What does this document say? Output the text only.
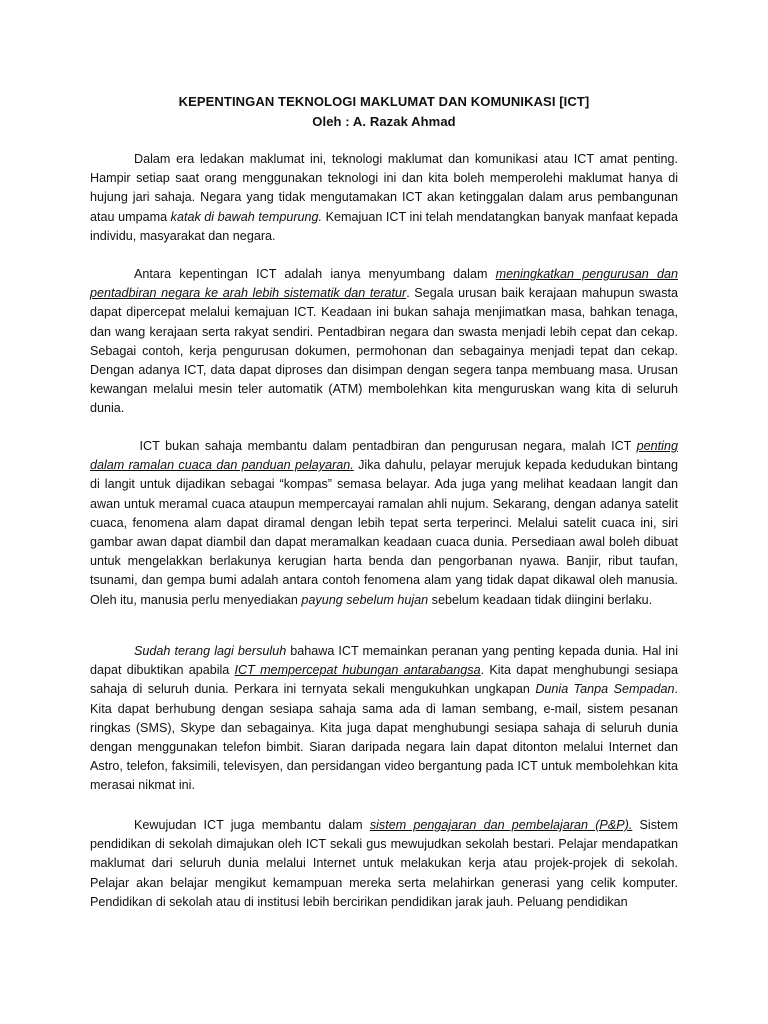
KEPENTINGAN TEKNOLOGI MAKLUMAT DAN KOMUNIKASI [ICT]
Oleh : A. Razak Ahmad
Dalam era ledakan maklumat ini, teknologi maklumat dan komunikasi atau ICT amat penting. Hampir setiap saat orang menggunakan teknologi ini dan kita boleh memperolehi maklumat hanya di hujung jari sahaja. Negara yang tidak mengutamakan ICT akan ketinggalan dalam arus pembangunan atau umpama katak di bawah tempurung. Kemajuan ICT ini telah mendatangkan banyak manfaat kepada individu, masyarakat dan negara.
Antara kepentingan ICT adalah ianya menyumbang dalam meningkatkan pengurusan dan pentadbiran negara ke arah lebih sistematik dan teratur. Segala urusan baik kerajaan mahupun swasta dapat dipercepat melalui kemajuan ICT. Keadaan ini bukan sahaja menjimatkan masa, bahkan tenaga, dan wang kerajaan serta rakyat sendiri. Pentadbiran negara dan swasta menjadi lebih cepat dan cekap. Sebagai contoh, kerja pengurusan dokumen, permohonan dan sebagainya menjadi tepat dan cekap. Dengan adanya ICT, data dapat diproses dan disimpan dengan segera tanpa membuang masa. Urusan kewangan melalui mesin teler automatik (ATM) membolehkan kita menguruskan wang kita di seluruh dunia.
ICT bukan sahaja membantu dalam pentadbiran dan pengurusan negara, malah ICT penting dalam ramalan cuaca dan panduan pelayaran. Jika dahulu, pelayar merujuk kepada kedudukan bintang di langit untuk dijadikan sebagai “kompas” semasa belayar. Ada juga yang melihat keadaan langit dan awan untuk meramal cuaca ataupun mempercayai ramalan ahli nujum. Sekarang, dengan adanya satelit cuaca, fenomena alam dapat diramal dengan lebih tepat serta terperinci. Melalui satelit cuaca ini, siri gambar awan dapat diambil dan dapat meramalkan keadaan cuaca dunia. Persediaan awal boleh dibuat untuk mengelakkan berlakunya kerugian harta benda dan pengorbanan nyawa. Banjir, ribut taufan, tsunami, dan gempa bumi adalah antara contoh fenomena alam yang tidak dapat dikawal oleh manusia. Oleh itu, manusia perlu menyediakan payung sebelum hujan sebelum keadaan tidak diingini berlaku.
Sudah terang lagi bersuluh bahawa ICT memainkan peranan yang penting kepada dunia. Hal ini dapat dibuktikan apabila ICT mempercepat hubungan antarabangsa. Kita dapat menghubungi sesiapa sahaja di seluruh dunia. Perkara ini ternyata sekali mengukuhkan ungkapan Dunia Tanpa Sempadan. Kita dapat berhubung dengan sesiapa sahaja sama ada di laman sembang, e-mail, sistem pesanan ringkas (SMS), Skype dan sebagainya. Kita juga dapat menghubungi sesiapa sahaja di seluruh dunia dengan menggunakan telefon bimbit. Siaran daripada negara lain dapat ditonton melalui Internet dan Astro, telefon, faksimili, televisyen, dan persidangan video bergantung pada ICT untuk membolehkan kita merasai nikmat ini.
Kewujudan ICT juga membantu dalam sistem pengajaran dan pembelajaran (P&P). Sistem pendidikan di sekolah dimajukan oleh ICT sekali gus mewujudkan sekolah bestari. Pelajar mendapatkan maklumat dari seluruh dunia melalui Internet untuk melakukan kerja atau projek-projek di sekolah. Pelajar akan belajar mengikut kemampuan mereka serta melahirkan generasi yang celik komputer. Pendidikan di sekolah atau di institusi lebih bercirikan pendidikan jarak jauh. Peluang pendidikan
